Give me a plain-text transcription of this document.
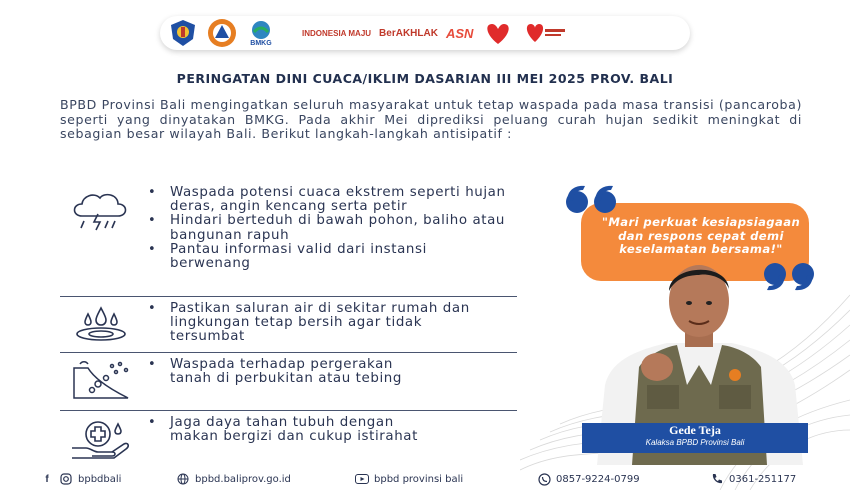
BMKG
INDONESIA MAJU BerAKHLAK ASN
PERINGATAN DINI CUACA/IKLIM DASARIAN III MEI 2025 PROV. BALI
BPBD Provinsi Bali mengingatkan seluruh masyarakat untuk tetap waspada pada masa transisi (pancaroba) seperti yang dinyatakan BMKG. Pada akhir Mei diprediksi peluang curah hujan sedikit meningkat di sebagian besar wilayah Bali. Berikut langkah-langkah antisipatif :
• Waspada potensi cuaca ekstrem seperti hujan deras, angin kencang serta petir
• Hindari berteduh di bawah pohon, baliho atau bangunan rapuh
• Pantau informasi valid dari instansi berwenang
• Pastikan saluran air di sekitar rumah dan lingkungan tetap bersih agar tidak tersumbat
• Waspada terhadap pergerakan tanah di perbukitan atau tebing
• Jaga daya tahan tubuh dengan makan bergizi dan cukup istirahat
"Mari perkuat kesiapsiagaan dan respons cepat demi keselamatan bersama!"
Gede Teja
Kalaksa BPBD Provinsi Bali
f	bpbdbali	bpbd.baliprov.go.id	bpbd provinsi bali	0857-9224-0799	0361-251177
